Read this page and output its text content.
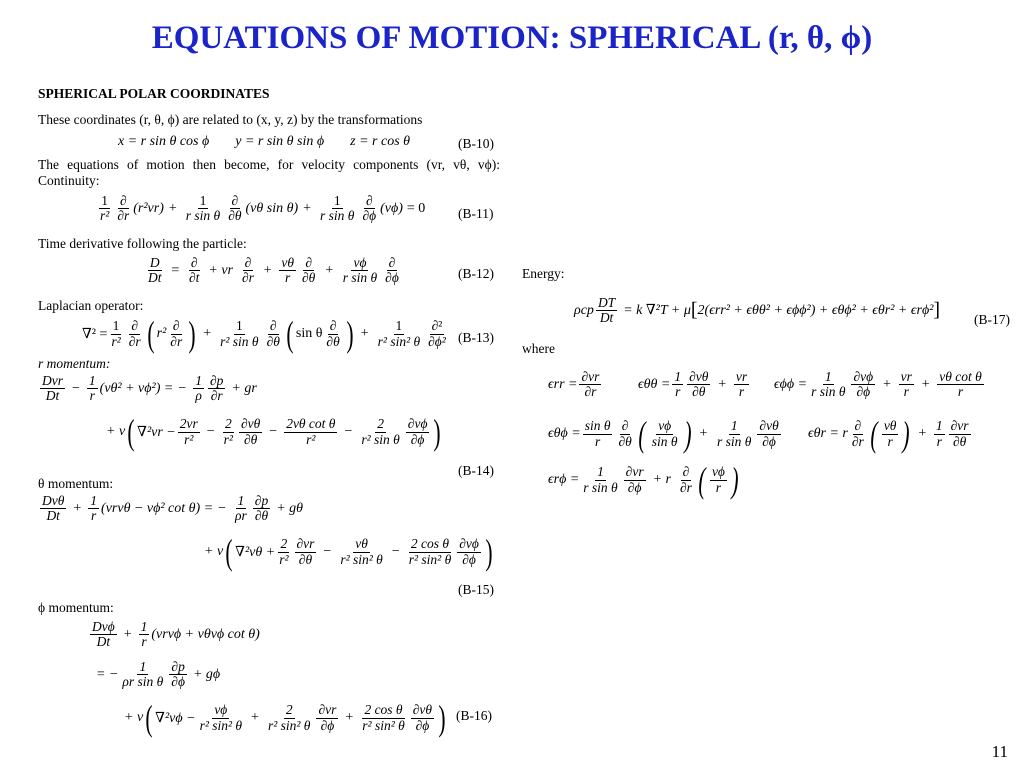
EQUATIONS OF MOTION: SPHERICAL (r, θ, ϕ)
SPHERICAL POLAR COORDINATES
These coordinates (r, θ, ϕ) are related to (x, y, z) by the transformations
x = r sin θ cos ϕ y = r sin θ sin ϕ z = r cos θ	(B-10)
The equations of motion then become, for velocity components (vr, vθ, vϕ):
Continuity:
$\frac{1}{\text{r²}} \frac{\partial}{\partial r} (r^2vr) + \frac{1}{\text{r sin θ}} \frac{\partial}{\partial\theta} (v\theta$ $\sin \theta) + \frac{1}{\text{r sin θ}} \frac{\partial}{\partial\phi} (v\phi) = 0$ (B-11)
Time derivative following the particle:
$\frac{D}{Dt} = \frac{\partial}{\partial t}$ + vr $\frac{\partial}{\partial r} + \frac{v\theta}{r} \frac{\partial}{\partial\theta} + \frac{v\phi}{\text{r sin θ}} \frac{\partial}{\partial\phi}$	(B-12)
Laplacian operator:
$\nabla^2 = \frac{1}{\text{r²}} \frac{\partial}{\partial r}$ ( $r^2 \frac{\partial}{\partial r}$ ) + $\frac{1}{\text{r² sin θ}} \frac{\partial}{\partial\theta}$ ( sin θ $\frac{\partial}{\partial\theta}$ ) + $\frac{1}{\text{r² sin² θ}} \frac{\text{∂²}}{\text{∂ϕ²}} (B-13)$
r momentum:
$\frac{\text{Dvr}}{Dt} - \frac{1}{r} (v\theta^2 + v\phi^2)$ = − $\frac{1}{\rho} \frac{\partial p}{\partial r}$ + gr
+ ν ( $\nabla^2vr - \frac{2vr}{\text{r²}} - \frac{2}{\text{r²}} \frac{\partial v\theta}{\partial\theta} - \frac{\text{2vθ cot θ}}{\text{r²}} - \frac{2}{\text{r² sin θ}} \frac{\partial v\phi}{\partial\phi}$ )
(B-14)
θ momentum:
$\frac{\text{Dvθ}}{Dt} + \frac{1}{r} (vrv\theta - v\phi^2$ cot θ) = − $\frac{1}{\rho r} \frac{\partial p}{\partial\theta} + g\theta$
+ ν ( $\nabla^2v\theta + \frac{2}{\text{r²}} \frac{\partial vr}{\partial\theta} - \frac{v\theta}{\text{r² sin² θ}} - \frac{\text{2 cos θ}}{\text{r² sin² θ}} \frac{\partial v\phi}{\partial\phi}$ )
(B-15)
ϕ momentum:
$\frac{\text{Dvϕ}}{Dt} + \frac{1}{r} (vrv\phi + v\theta v\phi$ cot θ)
= − $\frac{1}{\text{ρr sin θ}} \frac{\partial p}{\partial\phi} + g\phi$
+ ν ( $\nabla^2v\phi - \frac{v\phi}{\text{r² sin² θ}} + \frac{2}{\text{r² sin² θ}} \frac{\partial vr}{\partial\phi} + \frac{\text{2 cos θ}}{\text{r² sin² θ}} \frac{\partial v\theta}{\partial\phi}$ ) (B-16)
Energy:
ρcp $\frac{DT}{Dt} = k$ ∇²T + μ [ 2(ϵrr² + ϵθθ² + ϵϕϕ²) + ϵθϕ² + ϵθr² + ϵrϕ² ]	(B-17)
where
$\epsilon rr = \frac{\partial vr}{\partial r}$	$\epsilon\theta\theta = \frac{1}{r} \frac{\partial v\theta}{\partial\theta} + \frac{vr}{r}$ $\epsilon\phi\phi = \frac{1}{\text{r sin θ}} \frac{\partial v\phi}{\partial\phi} + \frac{vr}{r} + \frac{\text{vθ cot θ}}{r}$
$\epsilon\theta\phi = \frac{\text{sin θ}}{r} \frac{\partial}{\partial\theta}$ ( $\frac{v\phi}{\text{sin θ}}$ ) + $\frac{1}{\text{r sin θ}} \frac{\partial v\theta}{\partial\phi}$ ϵθr = r $\frac{\partial}{\partial r}$ ( $\frac{v\theta}{r}$ ) + $\frac{1}{r} \frac{\partial vr}{\partial\theta}$
$\epsilon r\phi = \frac{1}{\text{r sin θ}} \frac{\partial vr}{\partial\phi} + r \frac{\partial}{\partial r}$ ( $\frac{v\phi}{r}$ )
11
